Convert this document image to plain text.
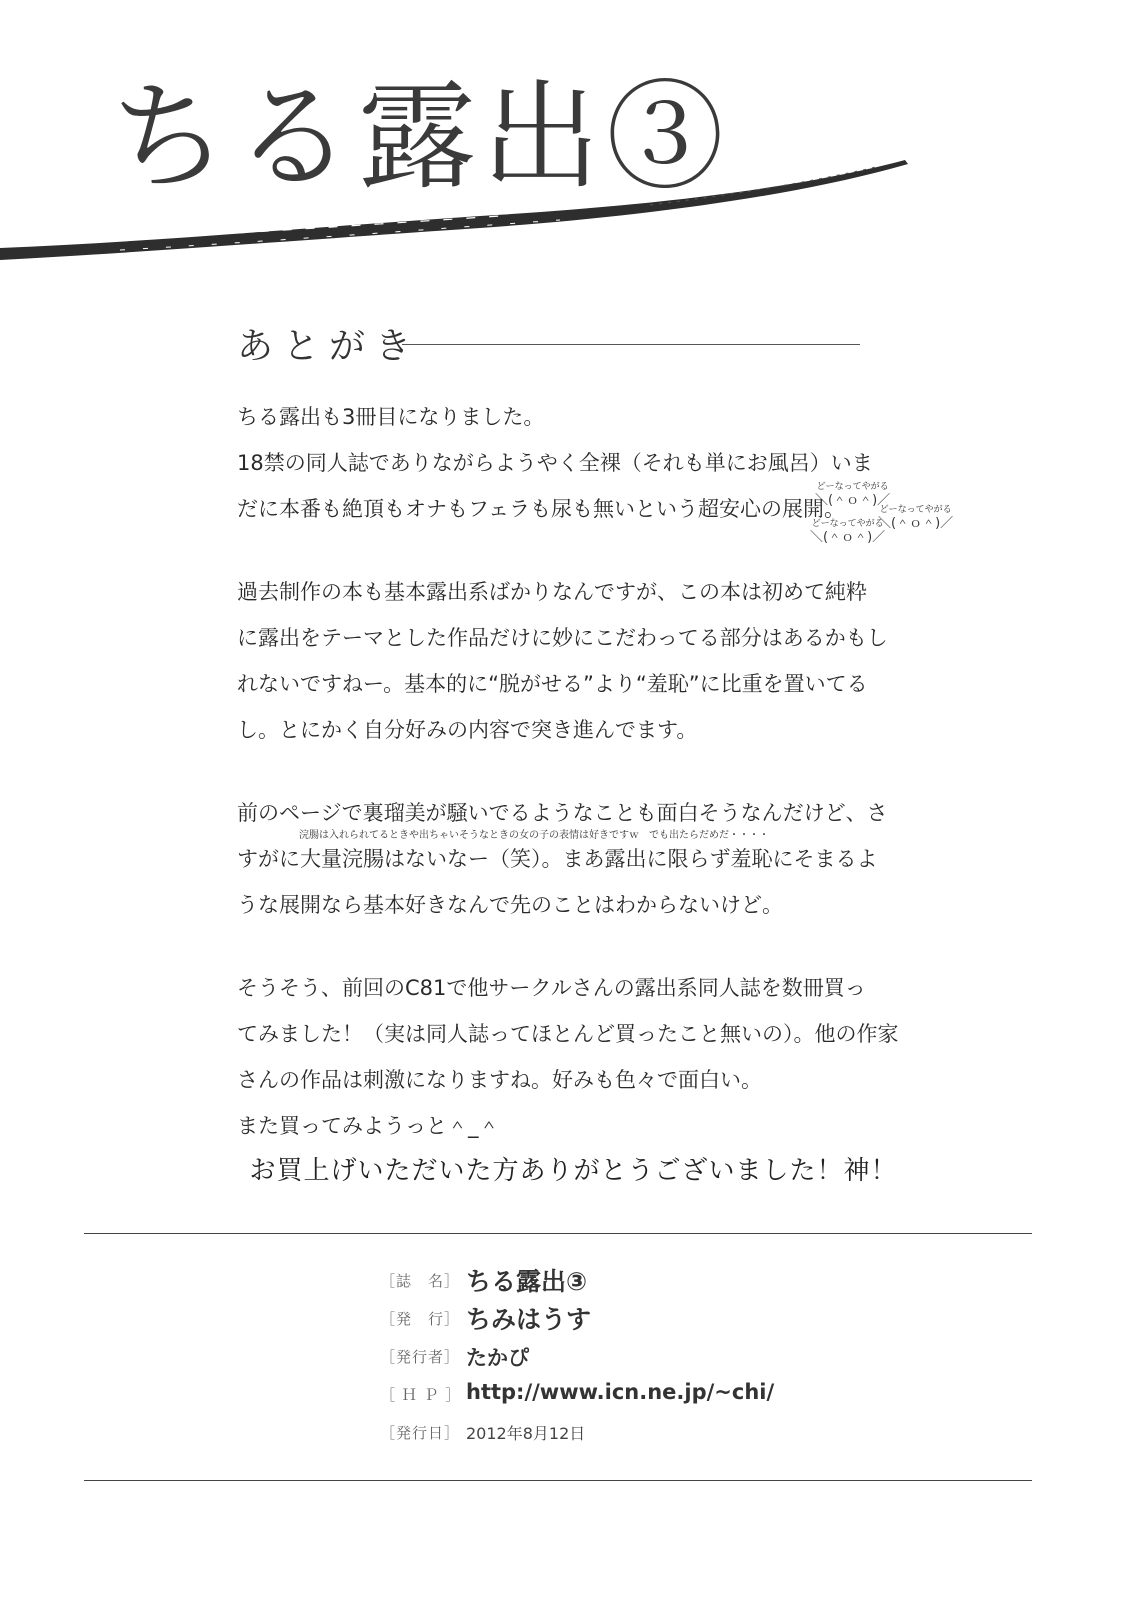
ちる露出③
あとがき
ちる露出も3冊目になりました。
18禁の同人誌でありながらようやく全裸（それも単にお風呂）いま
だに本番も絶頂もオナもフェラも尿も無いという超安心の展開。
過去制作の本も基本露出系ばかりなんですが、この本は初めて純粋
に露出をテーマとした作品だけに妙にこだわってる部分はあるかもし
れないですねー。基本的に“脱がせる”より“羞恥”に比重を置いてる
し。とにかく自分好みの内容で突き進んでます。
前のページで裏瑠美が騒いでるようなことも面白そうなんだけど、さ
浣腸は入れられてるときや出ちゃいそうなときの女の子の表情は好きですｗ　でも出たらだめだ・・・・
すがに大量浣腸はないなー（笑）。まあ露出に限らず羞恥にそまるよ
うな展開なら基本好きなんで先のことはわからないけど。
そうそう、前回のC81で他サークルさんの露出系同人誌を数冊買っ
てみました！（実は同人誌ってほとんど買ったこと無いの）。他の作家
さんの作品は刺激になりますね。好みも色々で面白い。
また買ってみようっと＾_＾
どーなってやがる
＼(＾ｏ＾)／
どーなってやがる
＼(＾ｏ＾)／
どーなってやがる
＼(＾ｏ＾)／
お買上げいただいた方ありがとうございました！神！
［誌　名］ ちる露出③
［発　行］ ちみはうす
［発行者］ たかぴ
［ Ｈ Ｐ ］ http://www.icn.ne.jp/~chi/
［発行日］ 2012年8月12日
